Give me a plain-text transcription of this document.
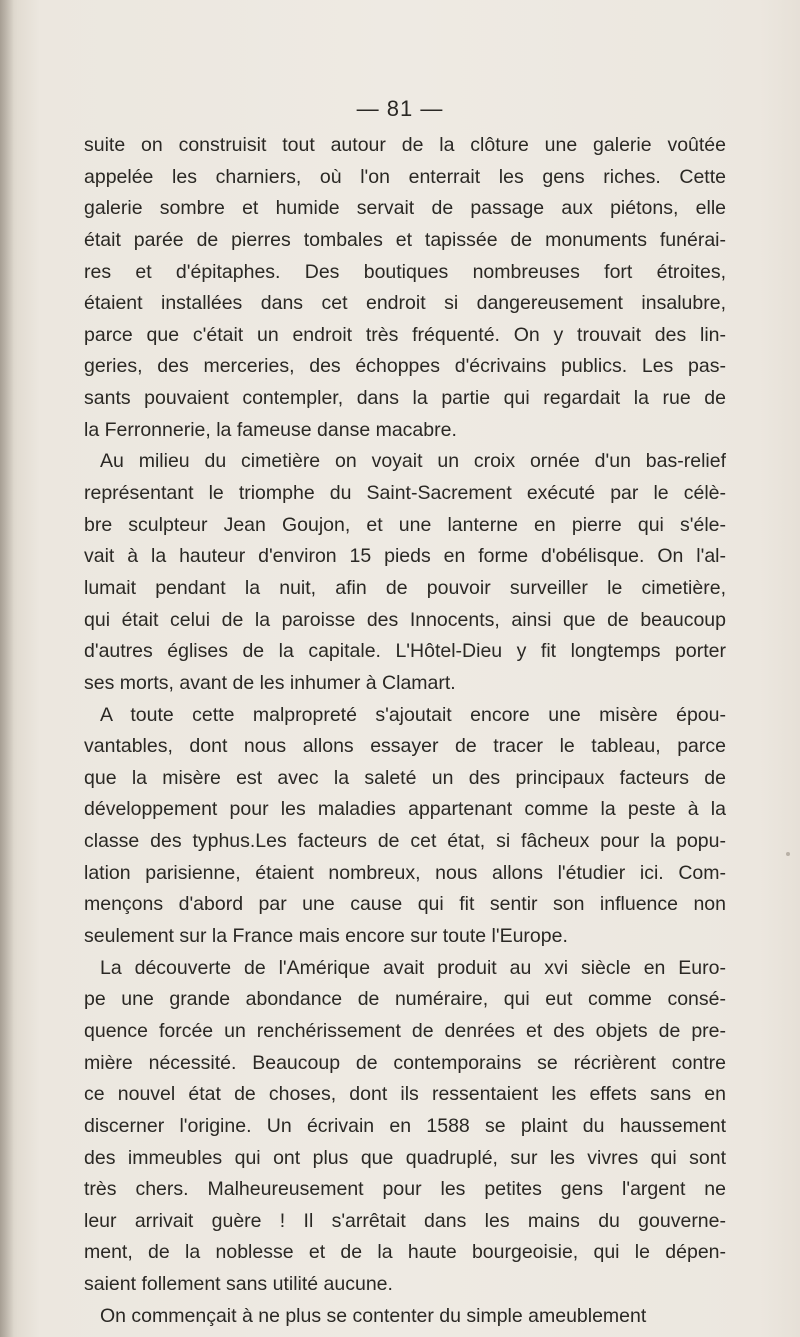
— 81 —
suite on construisit tout autour de la clôture une galerie voûtée
appelée les charniers, où l'on enterrait les gens riches. Cette
galerie sombre et humide servait de passage aux piétons, elle
était parée de pierres tombales et tapissée de monuments funérai-
res et d'épitaphes. Des boutiques nombreuses fort étroites,
étaient installées dans cet endroit si dangereusement insalubre,
parce que c'était un endroit très fréquenté. On y trouvait des lin-
geries, des merceries, des échoppes d'écrivains publics. Les pas-
sants pouvaient contempler, dans la partie qui regardait la rue de
la Ferronnerie, la fameuse danse macabre.
Au milieu du cimetière on voyait un croix ornée d'un bas-relief
représentant le triomphe du Saint-Sacrement exécuté par le célè-
bre sculpteur Jean Goujon, et une lanterne en pierre qui s'éle-
vait à la hauteur d'environ 15 pieds en forme d'obélisque. On l'al-
lumait pendant la nuit, afin de pouvoir surveiller le cimetière,
qui était celui de la paroisse des Innocents, ainsi que de beaucoup
d'autres églises de la capitale. L'Hôtel-Dieu y fit longtemps porter
ses morts, avant de les inhumer à Clamart.
A toute cette malpropreté s'ajoutait encore une misère épou-
vantables, dont nous allons essayer de tracer le tableau, parce
que la misère est avec la saleté un des principaux facteurs de
développement pour les maladies appartenant comme la peste à la
classe des typhus.Les facteurs de cet état, si fâcheux pour la popu-
lation parisienne, étaient nombreux, nous allons l'étudier ici. Com-
mençons d'abord par une cause qui fit sentir son influence non
seulement sur la France mais encore sur toute l'Europe.
La découverte de l'Amérique avait produit au xvi siècle en Euro-
pe une grande abondance de numéraire, qui eut comme consé-
quence forcée un renchérissement de denrées et des objets de pre-
mière nécessité. Beaucoup de contemporains se récrièrent contre
ce nouvel état de choses, dont ils ressentaient les effets sans en
discerner l'origine. Un écrivain en 1588 se plaint du haussement
des immeubles qui ont plus que quadruplé, sur les vivres qui sont
très chers. Malheureusement pour les petites gens l'argent ne
leur arrivait guère ! Il s'arrêtait dans les mains du gouverne-
ment, de la noblesse et de la haute bourgeoisie, qui le dépen-
saient follement sans utilité aucune.
On commençait à ne plus se contenter du simple ameublement
